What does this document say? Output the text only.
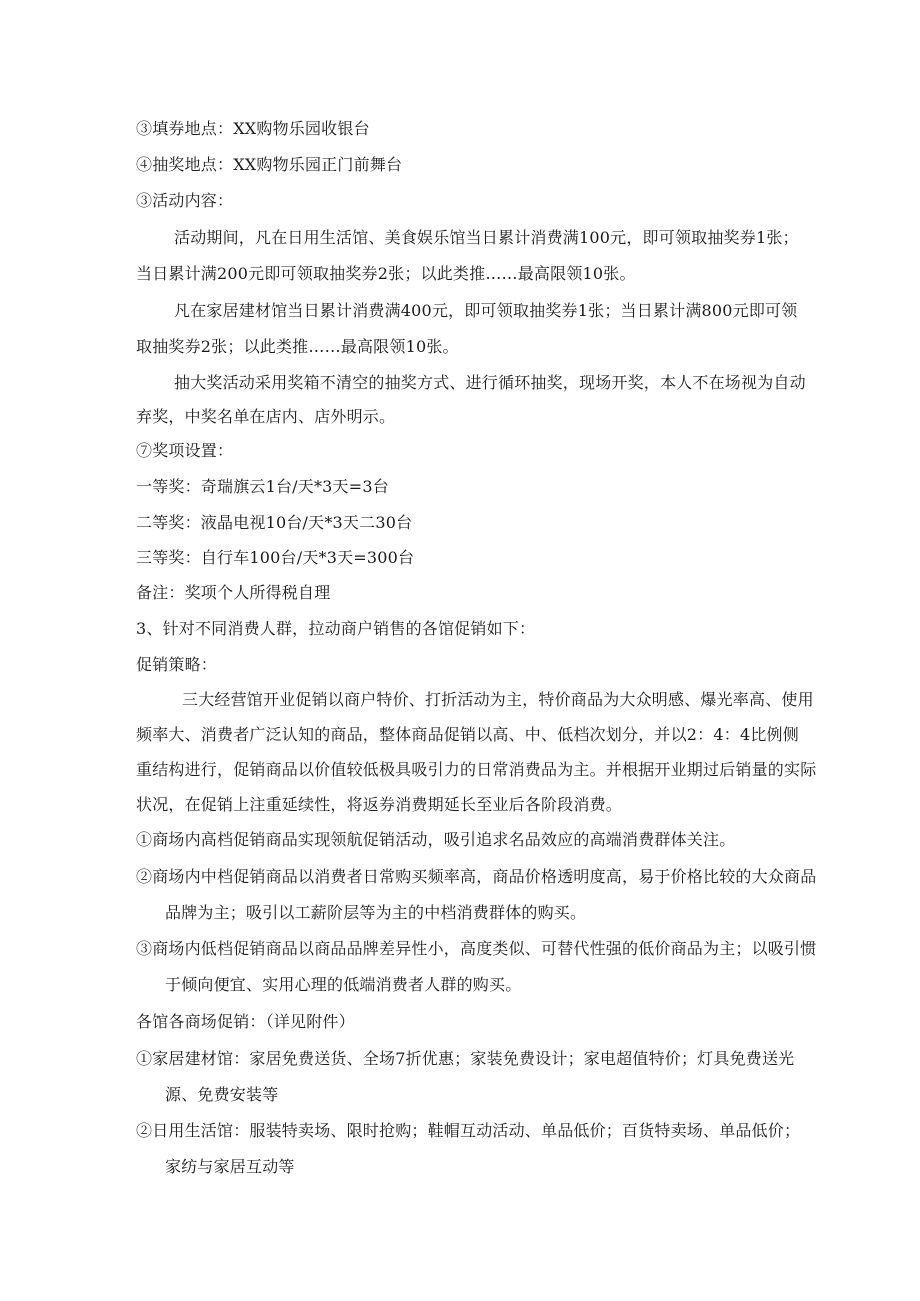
③填券地点：XX购物乐园收银台
④抽奖地点：XX购物乐园正门前舞台
③活动内容：
活动期间，凡在日用生活馆、美食娱乐馆当日累计消费满100元，即可领取抽奖券1张；
当日累计满200元即可领取抽奖券2张；以此类推……最高限领10张。
凡在家居建材馆当日累计消费满400元，即可领取抽奖券1张；当日累计满800元即可领
取抽奖券2张；以此类推……最高限领10张。
抽大奖活动采用奖箱不清空的抽奖方式、进行循环抽奖，现场开奖，本人不在场视为自动
弃奖，中奖名单在店内、店外明示。
⑦奖项设置：
一等奖：奇瑞旗云1台/天*3天=3台
二等奖：液晶电视10台/天*3天二30台
三等奖：自行车100台/天*3天=300台
备注：奖项个人所得税自理
3、针对不同消费人群，拉动商户销售的各馆促销如下：
促销策略：
三大经营馆开业促销以商户特价、打折活动为主，特价商品为大众明感、爆光率高、使用
频率大、消费者广泛认知的商品，整体商品促销以高、中、低档次划分，并以2：4：4比例侧
重结构进行，促销商品以价值较低极具吸引力的日常消费品为主。并根据开业期过后销量的实际
状况，在促销上注重延续性，将返券消费期延长至业后各阶段消费。
①商场内高档促销商品实现领航促销活动，吸引追求名品效应的高端消费群体关注。
②商场内中档促销商品以消费者日常购买频率高，商品价格透明度高，易于价格比较的大众商品
品牌为主；吸引以工薪阶层等为主的中档消费群体的购买。
③商场内低档促销商品以商品品牌差异性小，高度类似、可替代性强的低价商品为主；以吸引惯
于倾向便宜、实用心理的低端消费者人群的购买。
各馆各商场促销：（详见附件）
①家居建材馆：家居免费送货、全场7折优惠；家装免费设计；家电超值特价；灯具免费送光
源、免费安装等
②日用生活馆：服装特卖场、限时抢购；鞋帽互动活动、单品低价；百货特卖场、单品低价；
家纺与家居互动等
